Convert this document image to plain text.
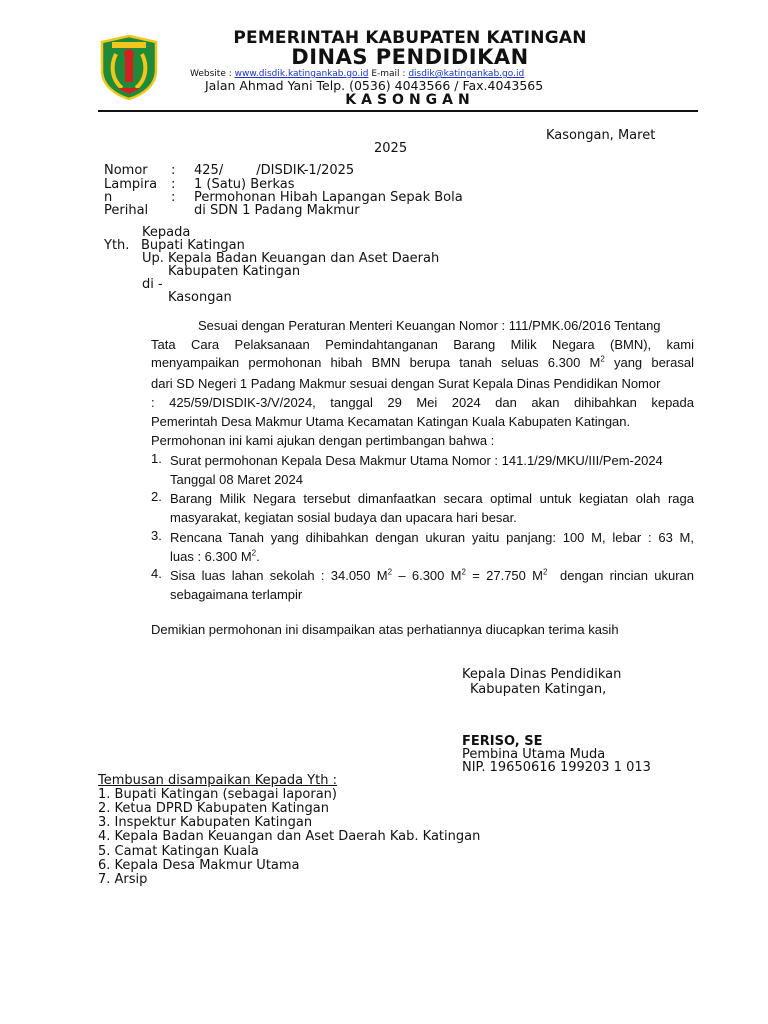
PEMERINTAH KABUPATEN KATINGAN
DINAS PENDIDIKAN
Website : www.disdik.katingankab.go.id E-mail : disdik@katingankab.go.id
Jalan Ahmad Yani Telp. (0536) 4043566 / Fax.4043565
KASONGAN
Kasongan, Maret
2025
Nomor : 425/        /DISDIK-1/2025
Lampira : 1 (Satu) Berkas
n	: Permohonan Hibah Lapangan Sepak Bola
Perihal	di SDN 1 Padang Makmur
Kepada
Yth. Bupati Katingan
Up. Kepala Badan Keuangan dan Aset Daerah
Kabupaten Katingan
di -
Kasongan
Sesuai dengan Peraturan Menteri Keuangan Nomor : 111/PMK.06/2016 Tentang
Tata Cara Pelaksanaan Pemindahtanganan Barang Milik Negara (BMN), kami
menyampaikan permohonan hibah BMN berupa tanah seluas 6.300 $M^2$ yang berasal
dari SD Negeri 1 Padang Makmur sesuai dengan Surat Kepala Dinas Pendidikan Nomor
: 425/59/DISDIK-3/V/2024, tanggal 29 Mei 2024 dan akan dihibahkan kepada
Pemerintah Desa Makmur Utama Kecamatan Katingan Kuala Kabupaten Katingan.
Permohonan ini kami ajukan dengan pertimbangan bahwa :
1. Surat permohonan Kepala Desa Makmur Utama Nomor : 141.1/29/MKU/III/Pem-2024
Tanggal 08 Maret 2024
2. Barang Milik Negara tersebut dimanfaatkan secara optimal untuk kegiatan olah raga
masyarakat, kegiatan sosial budaya dan upacara hari besar.
3. Rencana Tanah yang dihibahkan dengan ukuran yaitu panjang: 100 M, lebar : 63 M,
luas : 6.300 $M^2$.
4. Sisa luas lahan sekolah : 34.050 $M^2 - 6.300$ $M^2 = 27.750$ $M^2$  dengan rincian ukuran
sebagaimana terlampir
Demikian permohonan ini disampaikan atas perhatiannya diucapkan terima kasih
Kepala Dinas Pendidikan
Kabupaten Katingan,
FERISO, SE
Pembina Utama Muda
NIP. 19650616 199203 1 013
Tembusan disampaikan Kepada Yth :
1. Bupati Katingan (sebagai laporan)
2. Ketua DPRD Kabupaten Katingan
3. Inspektur Kabupaten Katingan
4. Kepala Badan Keuangan dan Aset Daerah Kab. Katingan
5. Camat Katingan Kuala
6. Kepala Desa Makmur Utama
7. Arsip
